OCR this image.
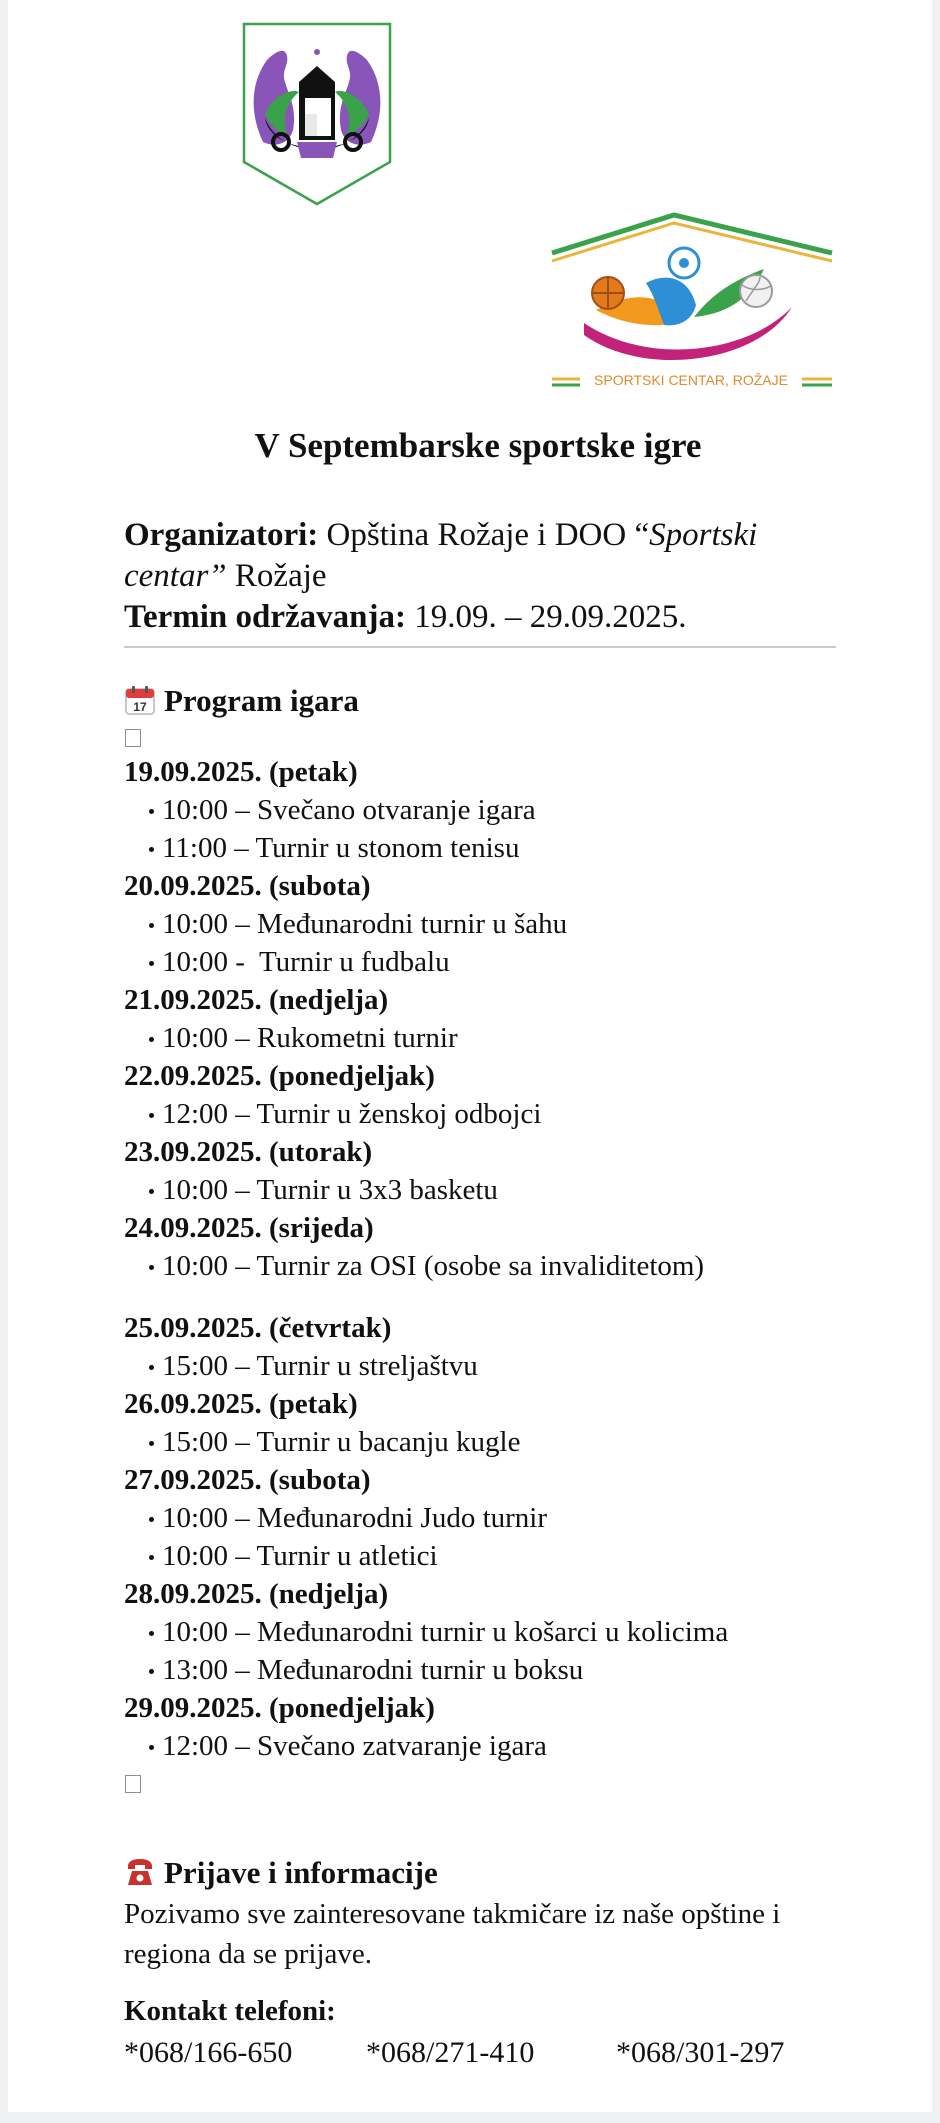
SPORTSKI CENTAR, ROŽAJE
V Septembarske sportske igre
Organizatori: Opština Rožaje i DOO “Sportski centar” Rožaje
Termin održavanja: 19.09. – 29.09.2025.
17 Program igara
19.09.2025. (petak)
10:00 – Svečano otvaranje igara
11:00 – Turnir u stonom tenisu
20.09.2025. (subota)
10:00 – Međunarodni turnir u šahu
10:00 -  Turnir u fudbalu
21.09.2025. (nedjelja)
10:00 – Rukometni turnir
22.09.2025. (ponedjeljak)
12:00 – Turnir u ženskoj odbojci
23.09.2025. (utorak)
10:00 – Turnir u 3x3 basketu
24.09.2025. (srijeda)
10:00 – Turnir za OSI (osobe sa invaliditetom)
25.09.2025. (četvrtak)
15:00 – Turnir u streljaštvu
26.09.2025. (petak)
15:00 – Turnir u bacanju kugle
27.09.2025. (subota)
10:00 – Međunarodni Judo turnir
10:00 – Turnir u atletici
28.09.2025. (nedjelja)
10:00 – Međunarodni turnir u košarci u kolicima
13:00 – Međunarodni turnir u boksu
29.09.2025. (ponedjeljak)
12:00 – Svečano zatvaranje igara
Prijave i informacije
Pozivamo sve zainteresovane takmičare iz naše opštine i regiona da se prijave.
Kontakt telefoni:
*068/166-650 *068/271-410	*068/301-297
